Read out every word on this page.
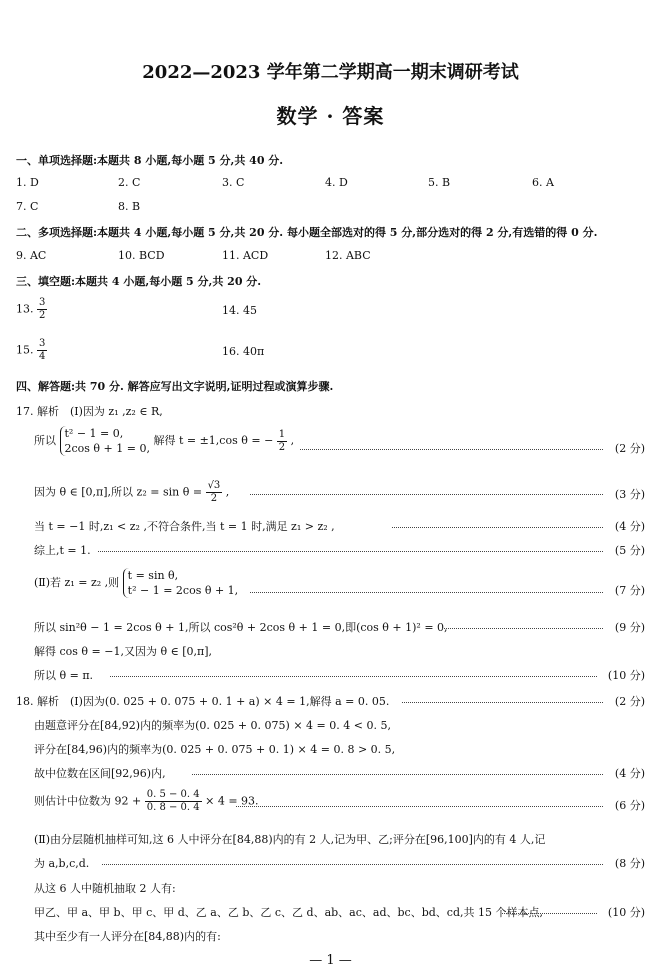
2022—2023 学年第二学期高一期末调研考试
数学 · 答案
一、单项选择题:本题共 8 小题,每小题 5 分,共 40 分.
1. D	2. C	3. C	4. D	5. B	6. A
7. C	8. B
二、多项选择题:本题共 4 小题,每小题 5 分,共 20 分. 每小题全部选对的得 5 分,部分选对的得 2 分,有选错的得 0 分.
9. AC	10. BCD	11. ACD	12. ABC
三、填空题:本题共 4 小题,每小题 5 分,共 20 分.
13. $\frac{3}{2}$	14. 45
15. $\frac{3}{4}$	16. 40π
四、解答题:共 70 分. 解答应写出文字说明,证明过程或演算步骤.
17. 解析　(Ⅰ)因为 z₁ ,z₂ ∈ R,
所以
t² − 1 = 0,
2cos θ + 1 = 0,
解得 t = ±1,cos θ = − $\frac{1}{2}$ ,
(2 分)
因为 θ ∈ [0,π],所以 $z_2 = \sin \theta = \frac{√3}{2}$ ,	(3 分)
当 t = −1 时,z₁ < z₂ ,不符合条件,当 t = 1 时,满足 z₁ > z₂ ,	(4 分)
综上,t = 1.	(5 分)
(Ⅱ)若 z₁ = z₂ ,则
t = sin θ,
t² − 1 = 2cos θ + 1,	(7 分)
所以 sin²θ − 1 = 2cos θ + 1,所以 cos²θ + 2cos θ + 1 = 0,即(cos θ + 1)² = 0,	(9 分)
解得 cos θ = −1,又因为 θ ∈ [0,π],
所以 θ = π.	(10 分)
18. 解析　(Ⅰ)因为(0. 025 + 0. 075 + 0. 1 + a) × 4 = 1,解得 a = 0. 05.	(2 分)
由题意评分在[84,92)内的频率为(0. 025 + 0. 075) × 4 = 0. 4 < 0. 5,
评分在[84,96)内的频率为(0. 025 + 0. 075 + 0. 1) × 4 = 0. 8 > 0. 5,
故中位数在区间[92,96)内,	(4 分)
则估计中位数为 $92 + \frac{0. 5 - 0. 4}{0. 8 - 0. 4} \times 4 = 93$.	(6 分)
(Ⅱ)由分层随机抽样可知,这 6 人中评分在[84,88)内的有 2 人,记为甲、乙;评分在[96,100]内的有 4 人,记
为 a,b,c,d.	(8 分)
从这 6 人中随机抽取 2 人有:
甲乙、甲 a、甲 b、甲 c、甲 d、乙 a、乙 b、乙 c、乙 d、ab、ac、ad、bc、bd、cd,共 15 个样本点,	(10 分)
其中至少有一人评分在[84,88)内的有:
— 1 —
